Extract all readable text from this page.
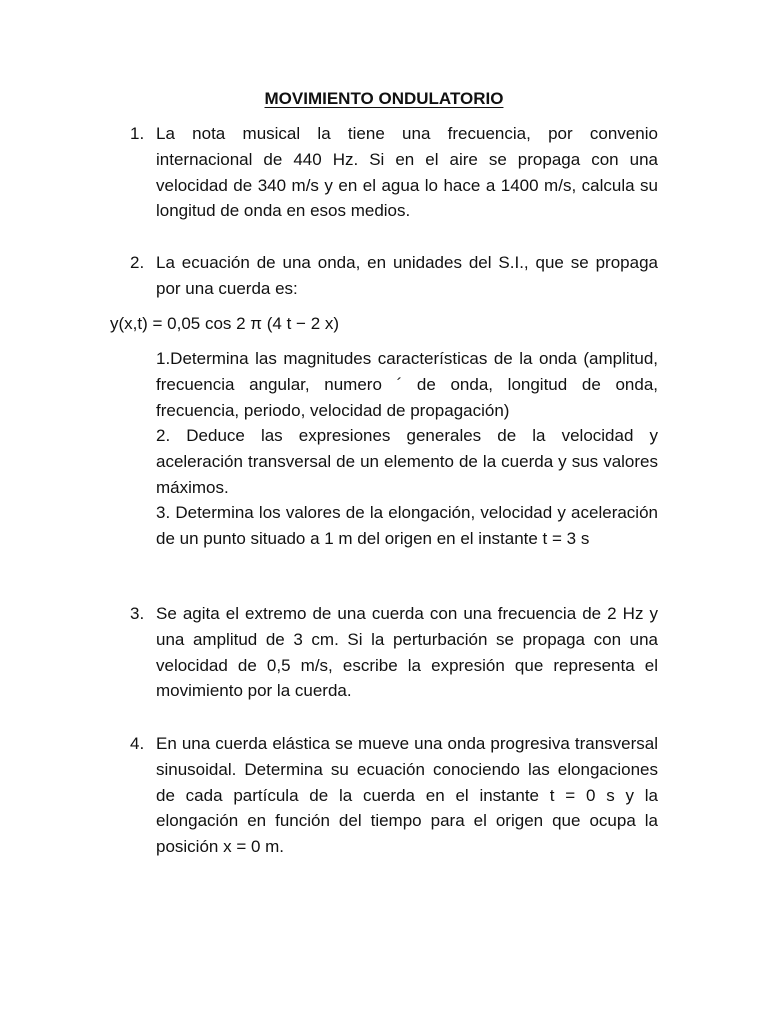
MOVIMIENTO ONDULATORIO
1. La nota musical la tiene una frecuencia, por convenio internacional de 440 Hz. Si en el aire se propaga con una velocidad de 340 m/s y en el agua lo hace a 1400 m/s, calcula su longitud de onda en esos medios.
2. La ecuación de una onda, en unidades del S.I., que se propaga por una cuerda es:
y(x,t) = 0,05 cos 2 π (4 t − 2 x)
1.Determina las magnitudes características de la onda (amplitud, frecuencia angular, numero ´ de onda, longitud de onda, frecuencia, periodo, velocidad de propagación)
2. Deduce las expresiones generales de la velocidad y aceleración transversal de un elemento de la cuerda y sus valores máximos.
3. Determina los valores de la elongación, velocidad y aceleración de un punto situado a 1 m del origen en el instante t = 3 s
3. Se agita el extremo de una cuerda con una frecuencia de 2 Hz y una amplitud de 3 cm. Si la perturbación se propaga con una velocidad de 0,5 m/s, escribe la expresión que representa el movimiento por la cuerda.
4. En una cuerda elástica se mueve una onda progresiva transversal sinusoidal. Determina su ecuación conociendo las elongaciones de cada partícula de la cuerda en el instante t = 0 s y la elongación en función del tiempo para el origen que ocupa la posición x = 0 m.
